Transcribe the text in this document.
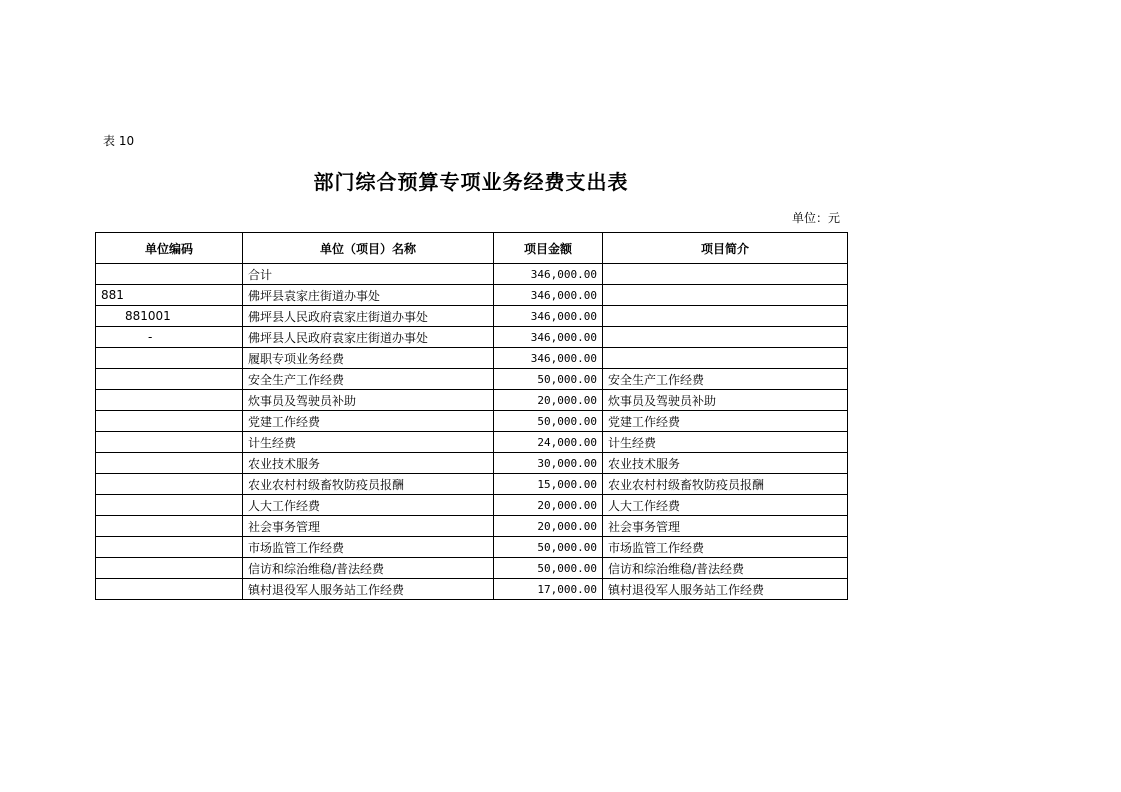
表 10
部门综合预算专项业务经费支出表
单位：元
单位编码	单位（项目）名称	项目金额	项目简介
	合计	346,000.00	
881	佛坪县袁家庄街道办事处	346,000.00	
881001	佛坪县人民政府袁家庄街道办事处	346,000.00	
-	佛坪县人民政府袁家庄街道办事处	346,000.00	
	履职专项业务经费	346,000.00	
	安全生产工作经费	50,000.00	安全生产工作经费
	炊事员及驾驶员补助	20,000.00	炊事员及驾驶员补助
	党建工作经费	50,000.00	党建工作经费
	计生经费	24,000.00	计生经费
	农业技术服务	30,000.00	农业技术服务
	农业农村村级畜牧防疫员报酬	15,000.00	农业农村村级畜牧防疫员报酬
	人大工作经费	20,000.00	人大工作经费
	社会事务管理	20,000.00	社会事务管理
	市场监管工作经费	50,000.00	市场监管工作经费
	信访和综治维稳/普法经费	50,000.00	信访和综治维稳/普法经费
	镇村退役军人服务站工作经费	17,000.00	镇村退役军人服务站工作经费
